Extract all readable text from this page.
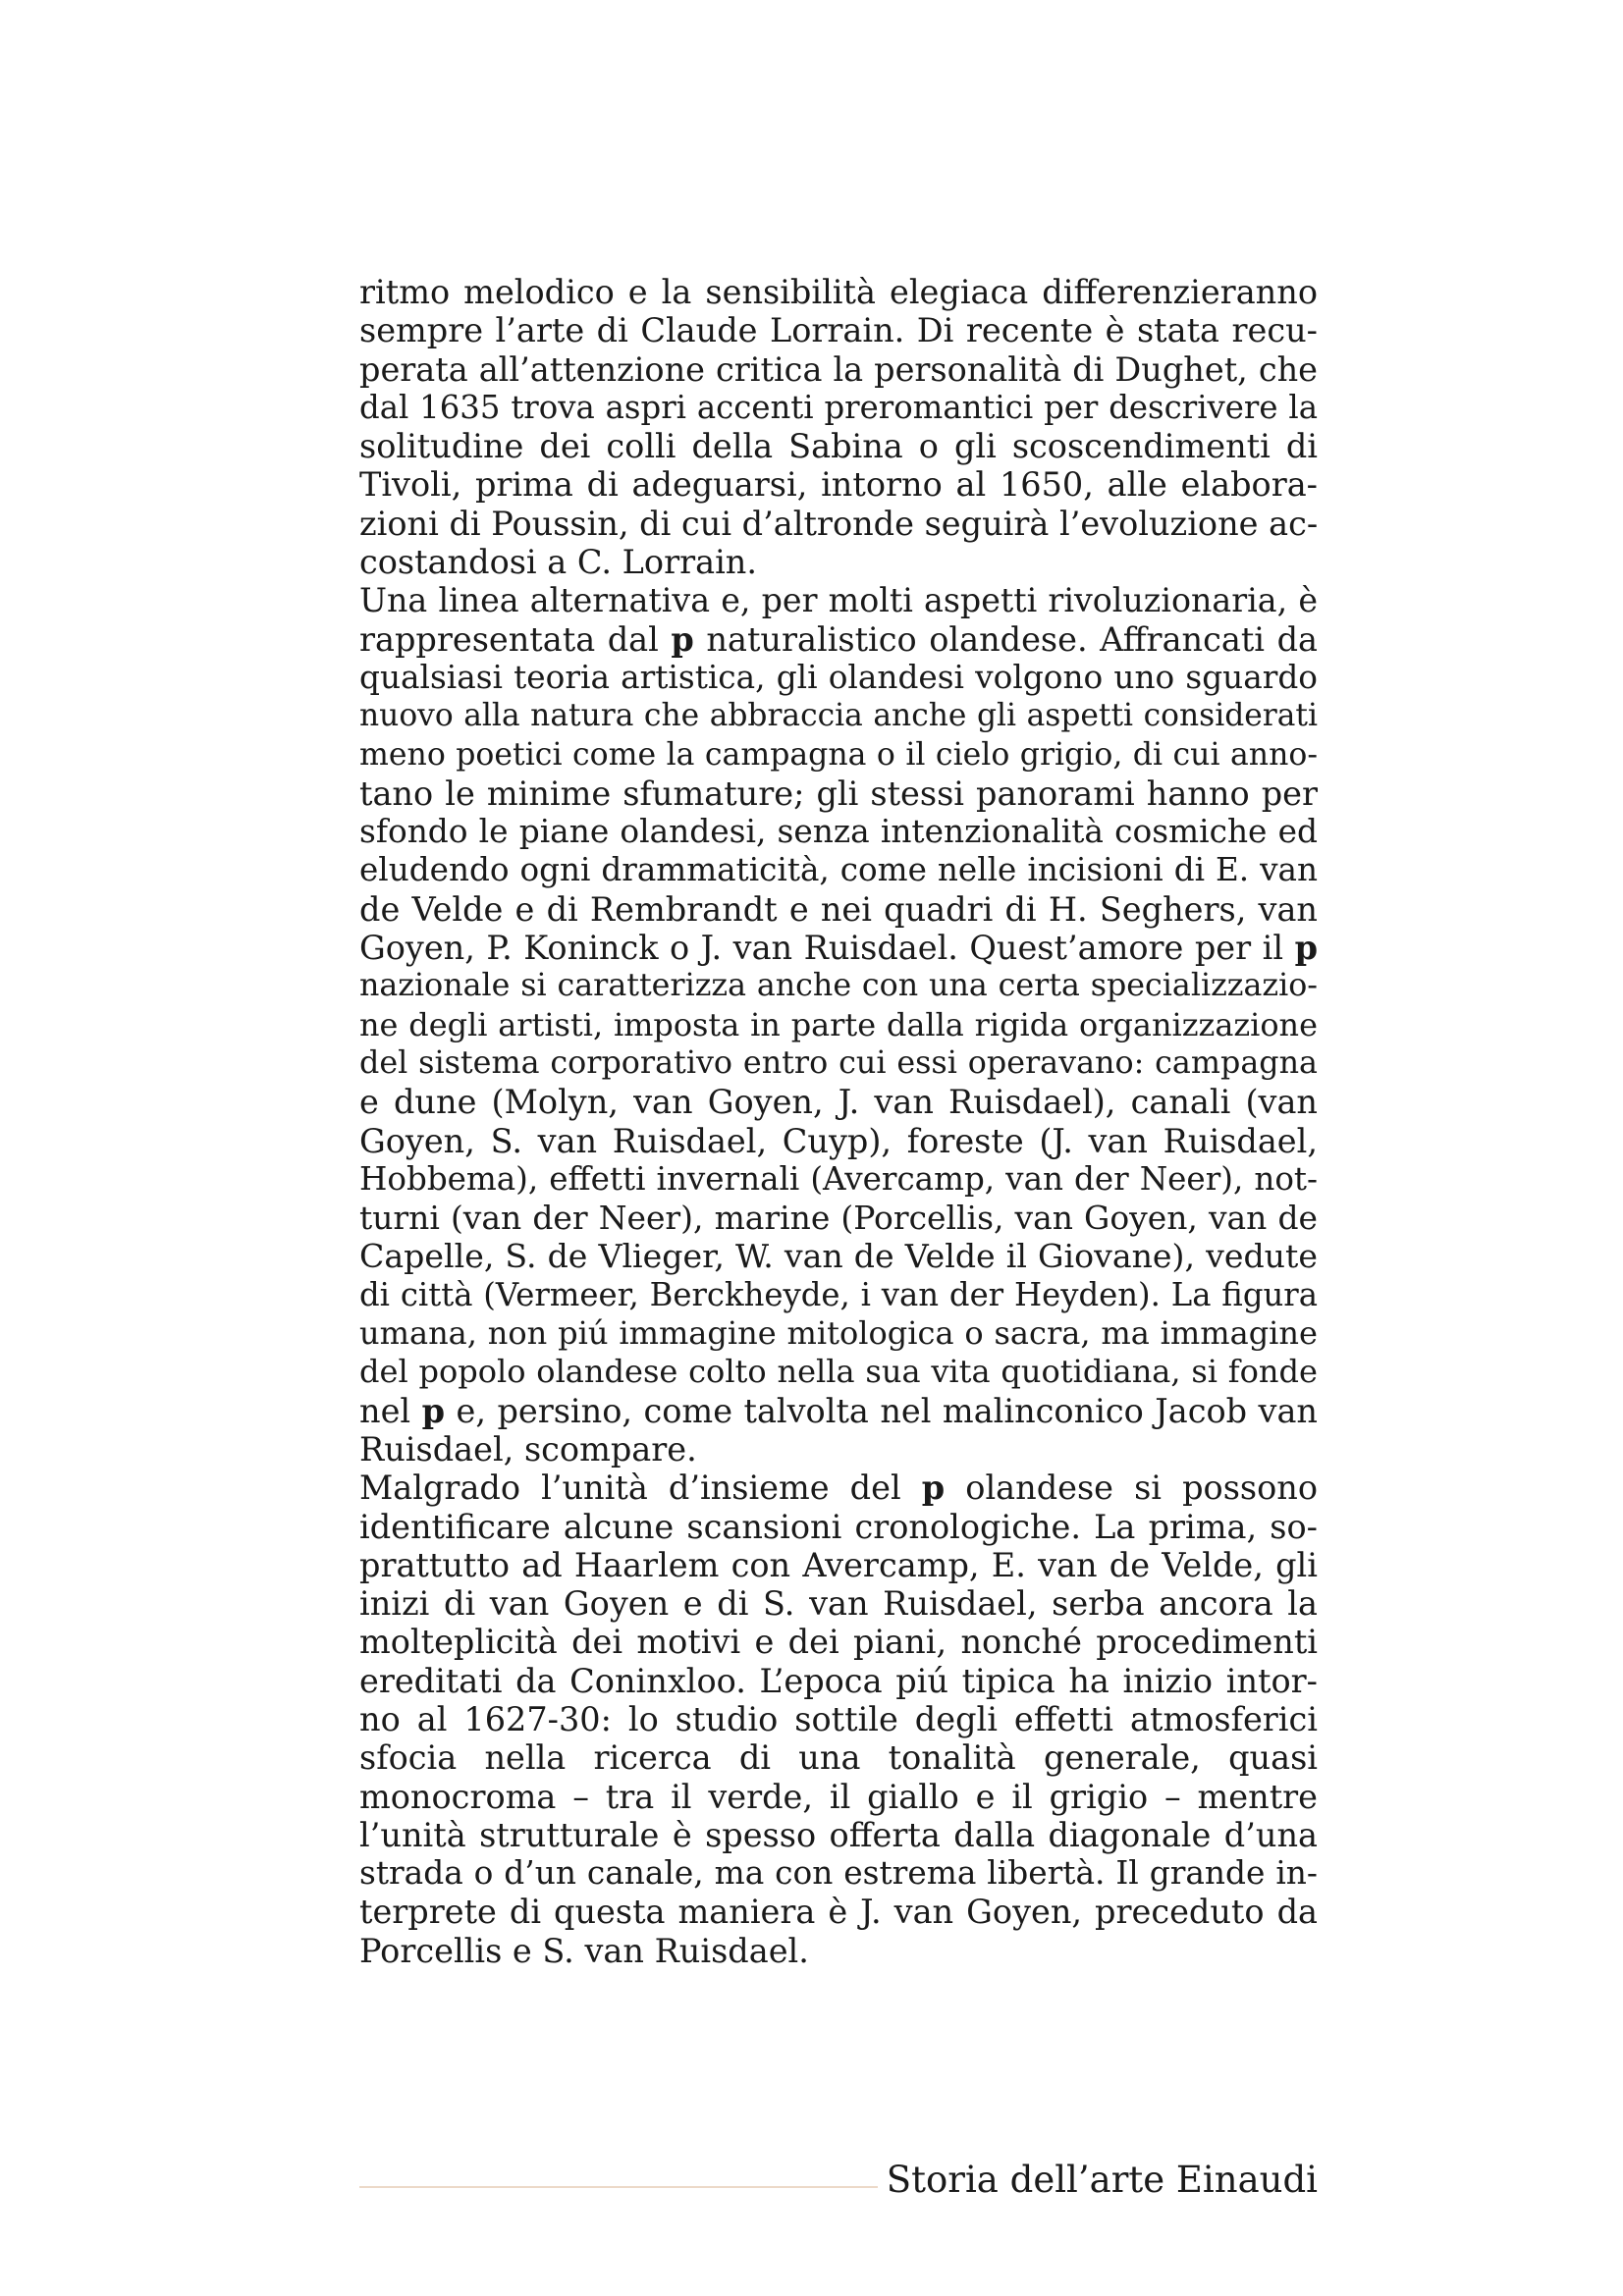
ritmo melodico e la sensibilità elegiaca differenzieranno
sempre l’arte di Claude Lorrain. Di recente è stata recu-
perata all’attenzione critica la personalità di Dughet, che
dal 1635 trova aspri accenti preromantici per descrivere la
solitudine dei colli della Sabina o gli scoscendimenti di
Tivoli, prima di adeguarsi, intorno al 1650, alle elabora-
zioni di Poussin, di cui d’altronde seguirà l’evoluzione ac-
costandosi a C. Lorrain.
Una linea alternativa e, per molti aspetti rivoluzionaria, è
rappresentata dal p naturalistico olandese. Affrancati da
qualsiasi teoria artistica, gli olandesi volgono uno sguardo
nuovo alla natura che abbraccia anche gli aspetti considerati
meno poetici come la campagna o il cielo grigio, di cui anno-
tano le minime sfumature; gli stessi panorami hanno per
sfondo le piane olandesi, senza intenzionalità cosmiche ed
eludendo ogni drammaticità, come nelle incisioni di E. van
de Velde e di Rembrandt e nei quadri di H. Seghers, van
Goyen, P. Koninck o J. van Ruisdael. Quest’amore per il p
nazionale si caratterizza anche con una certa specializzazio-
ne degli artisti, imposta in parte dalla rigida organizzazione
del sistema corporativo entro cui essi operavano: campagna
e dune (Molyn, van Goyen, J. van Ruisdael), canali (van
Goyen, S. van Ruisdael, Cuyp), foreste (J. van Ruisdael,
Hobbema), effetti invernali (Avercamp, van der Neer), not-
turni (van der Neer), marine (Porcellis, van Goyen, van de
Capelle, S. de Vlieger, W. van de Velde il Giovane), vedute
di città (Vermeer, Berckheyde, i van der Heyden). La figura
umana, non piú immagine mitologica o sacra, ma immagine
del popolo olandese colto nella sua vita quotidiana, si fonde
nel p e, persino, come talvolta nel malinconico Jacob van
Ruisdael, scompare.
Malgrado l’unità d’insieme del p olandese si possono
identificare alcune scansioni cronologiche. La prima, so-
prattutto ad Haarlem con Avercamp, E. van de Velde, gli
inizi di van Goyen e di S. van Ruisdael, serba ancora la
molteplicità dei motivi e dei piani, nonché procedimenti
ereditati da Coninxloo. L’epoca piú tipica ha inizio intor-
no al 1627-30: lo studio sottile degli effetti atmosferici
sfocia nella ricerca di una tonalità generale, quasi
monocroma – tra il verde, il giallo e il grigio – mentre
l’unità strutturale è spesso offerta dalla diagonale d’una
strada o d’un canale, ma con estrema libertà. Il grande in-
terprete di questa maniera è J. van Goyen, preceduto da
Porcellis e S. van Ruisdael.
Storia dell’arte Einaudi
